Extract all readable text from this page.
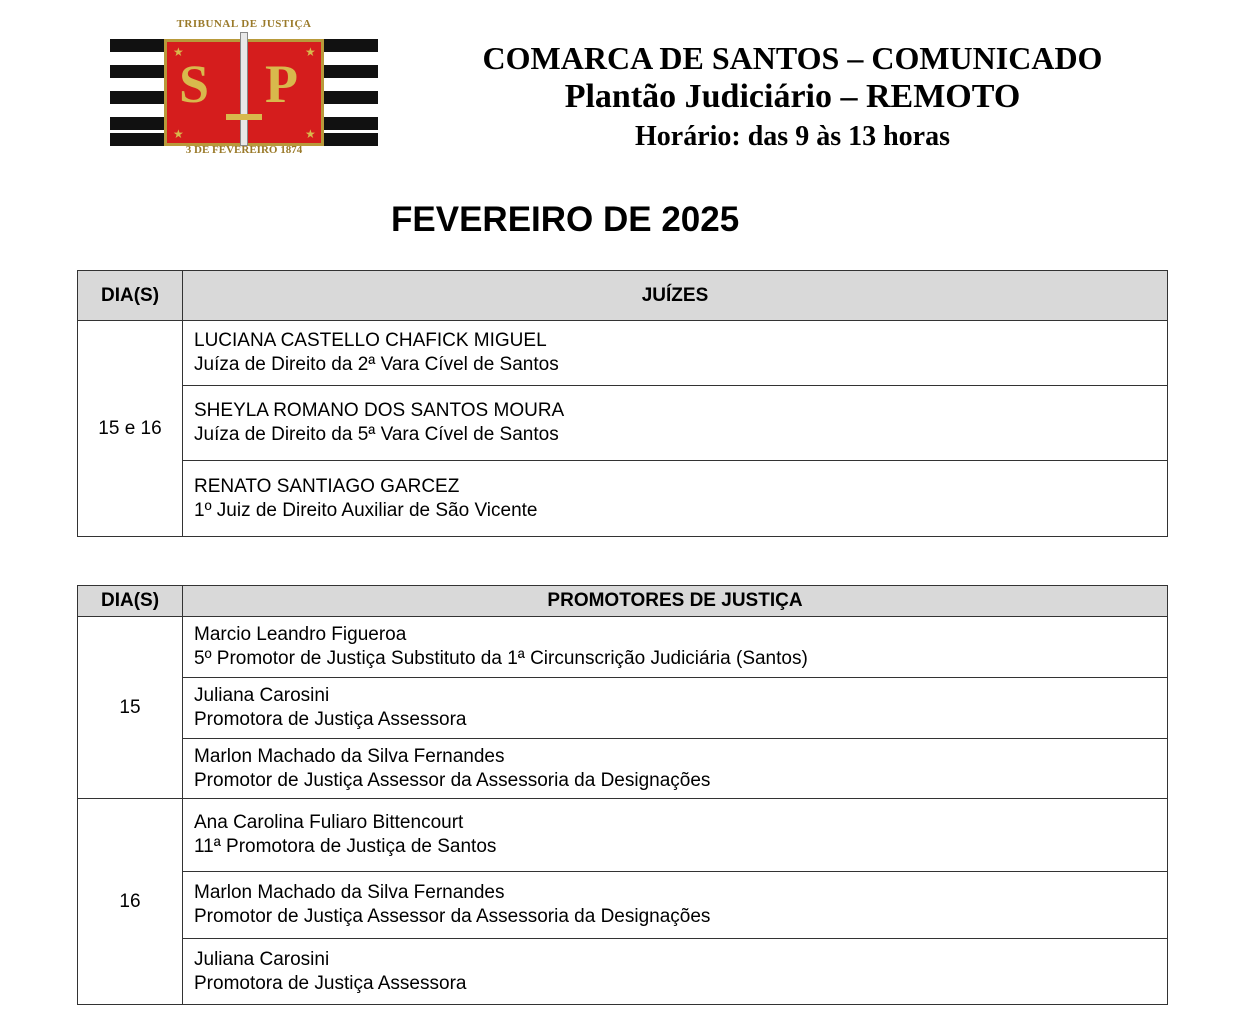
TRIBUNAL DE JUSTIÇA
S P
★	★
★	★
3 DE FEVEREIRO 1874
COMARCA DE SANTOS – COMUNICADO
Plantão Judiciário – REMOTO
Horário: das 9 às 13 horas
FEVEREIRO DE 2025
DIA(S)	JUÍZES
15 e 16	LUCIANA CASTELLO CHAFICK MIGUEL
Juíza de Direito da 2ª Vara Cível de Santos

	SHEYLA ROMANO DOS SANTOS MOURA
Juíza de Direito da 5ª Vara Cível de Santos

	RENATO SANTIAGO GARCEZ
1º Juiz de Direito Auxiliar de São Vicente
DIA(S)	PROMOTORES DE JUSTIÇA
15	Marcio Leandro Figueroa
5º Promotor de Justiça Substituto da 1ª Circunscrição Judiciária (Santos)

	Juliana Carosini
Promotora de Justiça Assessora

	Marlon Machado da Silva Fernandes
Promotor de Justiça Assessor da Assessoria da Designações

16	Ana Carolina Fuliaro Bittencourt
11ª Promotora de Justiça de Santos

	Marlon Machado da Silva Fernandes
Promotor de Justiça Assessor da Assessoria da Designações

	Juliana Carosini
Promotora de Justiça Assessora
